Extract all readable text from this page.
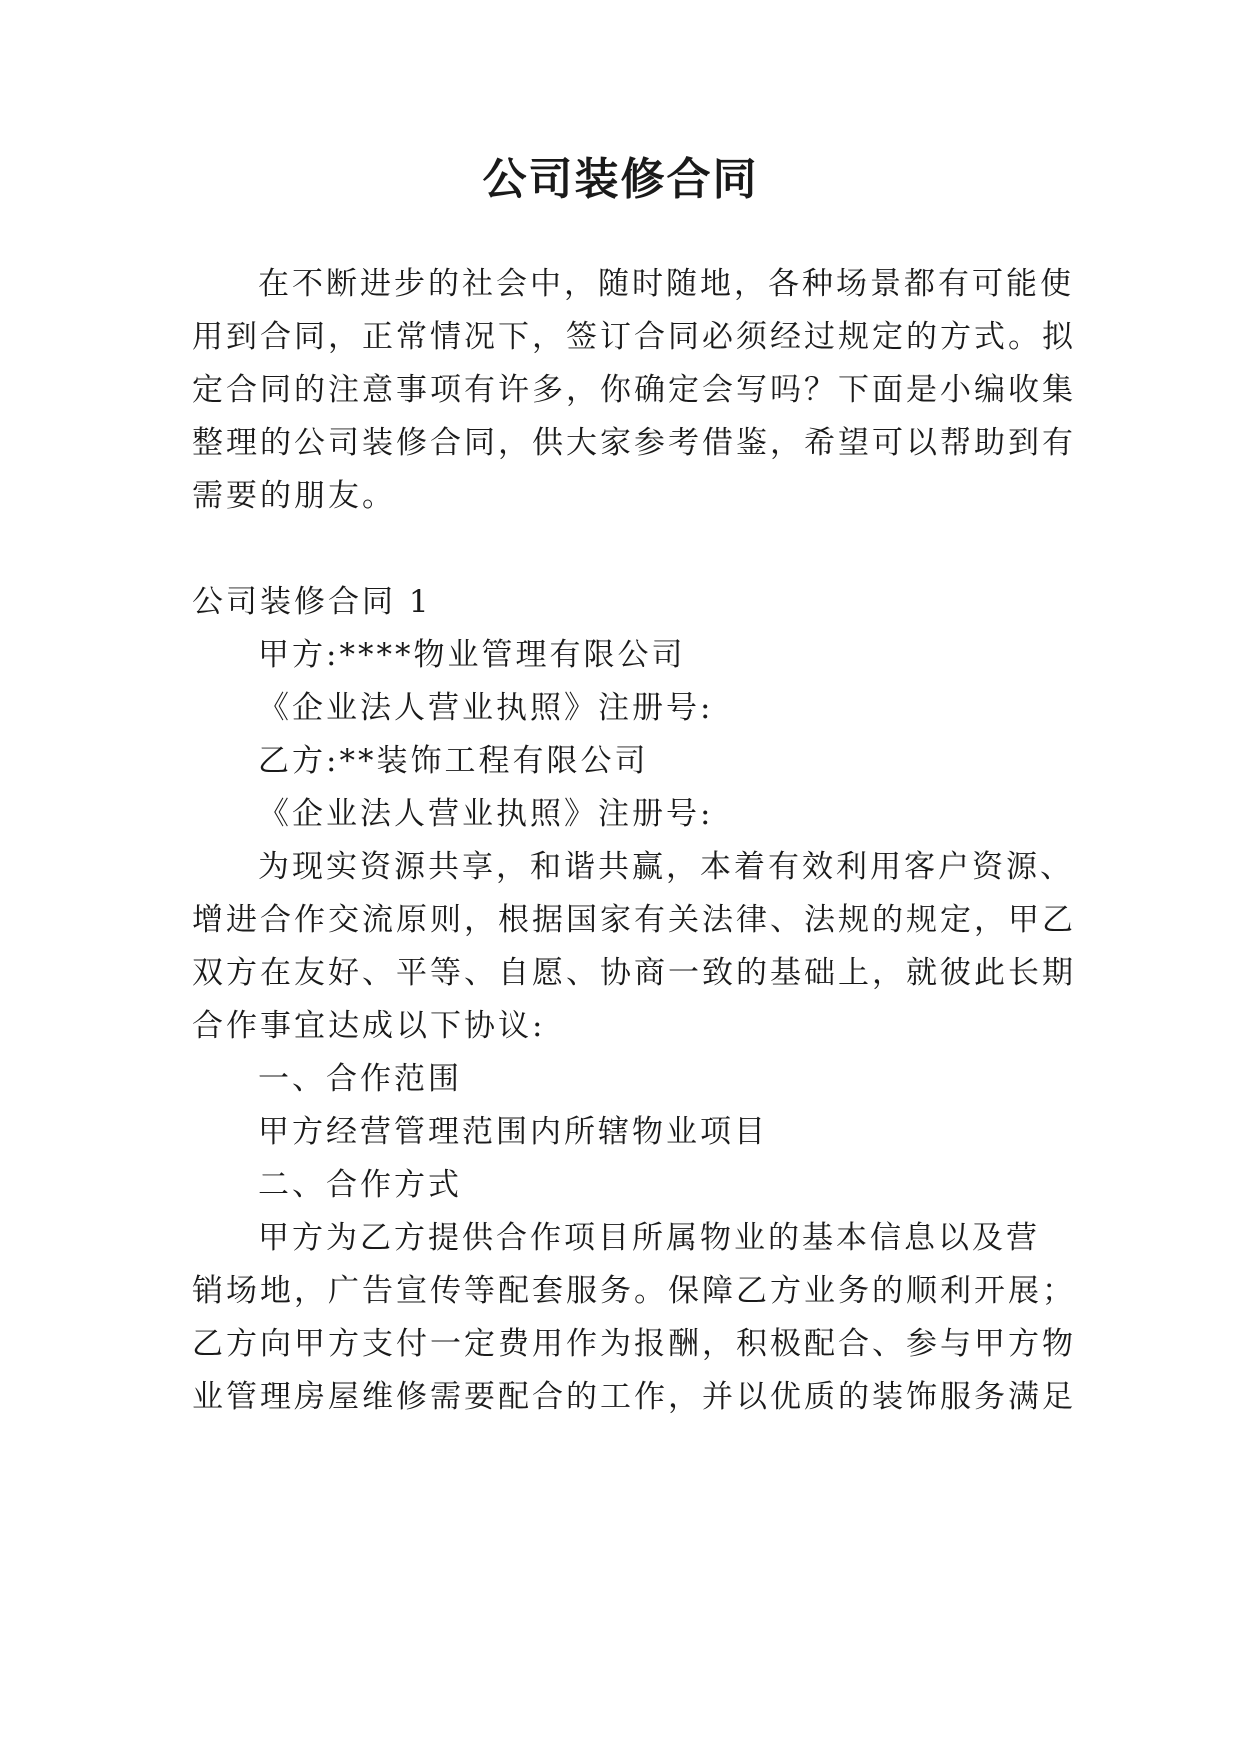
公司装修合同
在不断进步的社会中，随时随地，各种场景都有可能使
用到合同，正常情况下，签订合同必须经过规定的方式。拟
定合同的注意事项有许多，你确定会写吗？下面是小编收集
整理的公司装修合同，供大家参考借鉴，希望可以帮助到有
需要的朋友。
公司装修合同 1
甲方:****物业管理有限公司
《企业法人营业执照》注册号:
乙方:**装饰工程有限公司
《企业法人营业执照》注册号:
为现实资源共享，和谐共赢，本着有效利用客户资源、
增进合作交流原则，根据国家有关法律、法规的规定，甲乙
双方在友好、平等、自愿、协商一致的基础上，就彼此长期
合作事宜达成以下协议:
一、合作范围
甲方经营管理范围内所辖物业项目
二、合作方式
甲方为乙方提供合作项目所属物业的基本信息以及营
销场地，广告宣传等配套服务。保障乙方业务的顺利开展；
乙方向甲方支付一定费用作为报酬，积极配合、参与甲方物
业管理房屋维修需要配合的工作，并以优质的装饰服务满足
